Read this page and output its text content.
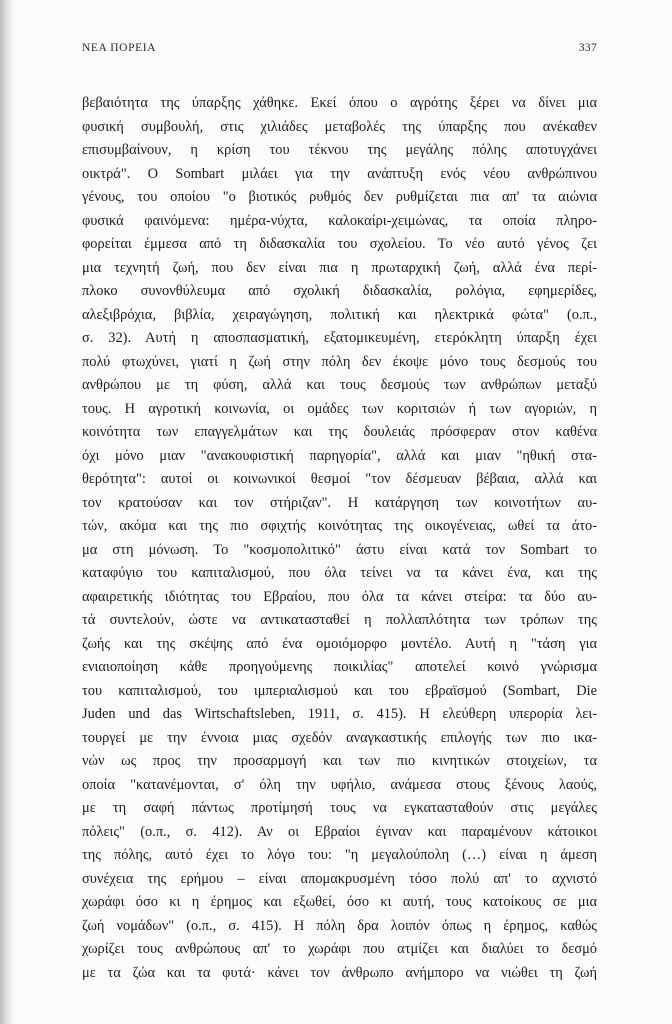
ΝΕΑ ΠΟΡΕΙΑ	337
βεβαιότητα της ύπαρξης χάθηκε. Εκεί όπου ο αγρότης ξέρει να δίνει μια
φυσική συμβουλή, στις χιλιάδες μεταβολές της ύπαρξης που ανέκαθεν
επισυμβαίνουν, η κρίση του τέκνου της μεγάλης πόλης αποτυγχάνει
οικτρά". Ο Sombart μιλάει για την ανάπτυξη ενός νέου ανθρώπινου
γένους, του οποίου "ο βιοτικός ρυθμός δεν ρυθμίζεται πια απ' τα αιώνια
φυσικά φαινόμενα: ημέρα-νύχτα, καλοκαίρι-χειμώνας, τα οποία πληρο-
φορείται έμμεσα από τη διδασκαλία του σχολείου. Το νέο αυτό γένος ζει
μια τεχνητή ζωή, που δεν είναι πια η πρωταρχική ζωή, αλλά ένα περί-
πλοκο συνονθύλευμα από σχολική διδασκαλία, ρολόγια, εφημερίδες,
αλεξιβρόχια, βιβλία, χειραγώγηση, πολιτική και ηλεκτρικά φώτα" (ο.π.,
σ. 32). Αυτή η αποσπασματική, εξατομικευμένη, ετερόκλητη ύπαρξη έχει
πολύ φτωχύνει, γιατί η ζωή στην πόλη δεν έκοψε μόνο τους δεσμούς του
ανθρώπου με τη φύση, αλλά και τους δεσμούς των ανθρώπων μεταξύ
τους. Η αγροτική κοινωνία, οι ομάδες των κοριτσιών ή των αγοριών, η
κοινότητα των επαγγελμάτων και της δουλειάς πρόσφεραν στον καθένα
όχι μόνο μιαν "ανακουφιστική παρηγορία", αλλά και μιαν "ηθική στα-
θερότητα": αυτοί οι κοινωνικοί θεσμοί "τον δέσμευαν βέβαια, αλλά και
τον κρατούσαν και τον στήριζαν". Η κατάργηση των κοινοτήτων αυ-
τών, ακόμα και της πιο σφιχτής κοινότητας της οικογένειας, ωθεί τα άτο-
μα στη μόνωση. Το "κοσμοπολιτικό" άστυ είναι κατά τον Sombart το
καταφύγιο του καπιταλισμού, που όλα τείνει να τα κάνει ένα, και της
αφαιρετικής ιδιότητας του Εβραίου, που όλα τα κάνει στείρα: τα δύο αυ-
τά συντελούν, ώστε να αντικατασταθεί η πολλαπλότητα των τρόπων της
ζωής και της σκέψης από ένα ομοιόμορφο μοντέλο. Αυτή η "τάση για
ενιαιοποίηση κάθε προηγούμενης ποικιλίας" αποτελεί κοινό γνώρισμα
του καπιταλισμού, του ιμπεριαλισμού και του εβραϊσμού (Sombart, Die
Juden und das Wirtschaftsleben, 1911, σ. 415). Η ελεύθερη υπερορία λει-
τουργεί με την έννοια μιας σχεδόν αναγκαστικής επιλογής των πιο ικα-
νών ως προς την προσαρμογή και των πιο κινητικών στοιχείων, τα
οποία "κατανέμονται, σ' όλη την υφήλιο, ανάμεσα στους ξένους λαούς,
με τη σαφή πάντως προτίμησή τους να εγκατασταθούν στις μεγάλες
πόλεις" (ο.π., σ. 412). Αν οι Εβραίοι έγιναν και παραμένουν κάτοικοι
της πόλης, αυτό έχει το λόγο του: "η μεγαλούπολη (…) είναι η άμεση
συνέχεια της ερήμου – είναι απομακρυσμένη τόσο πολύ απ' το αχνιστό
χωράφι όσο κι η έρημος και εξωθεί, όσο κι αυτή, τους κατοίκους σε μια
ζωή νομάδων" (ο.π., σ. 415). Η πόλη δρα λοιπόν όπως η έρημος, καθώς
χωρίζει τους ανθρώπους απ' το χωράφι που ατμίζει και διαλύει το δεσμό
με τα ζώα και τα φυτά· κάνει τον άνθρωπο ανήμπορο να νιώθει τη ζωή
